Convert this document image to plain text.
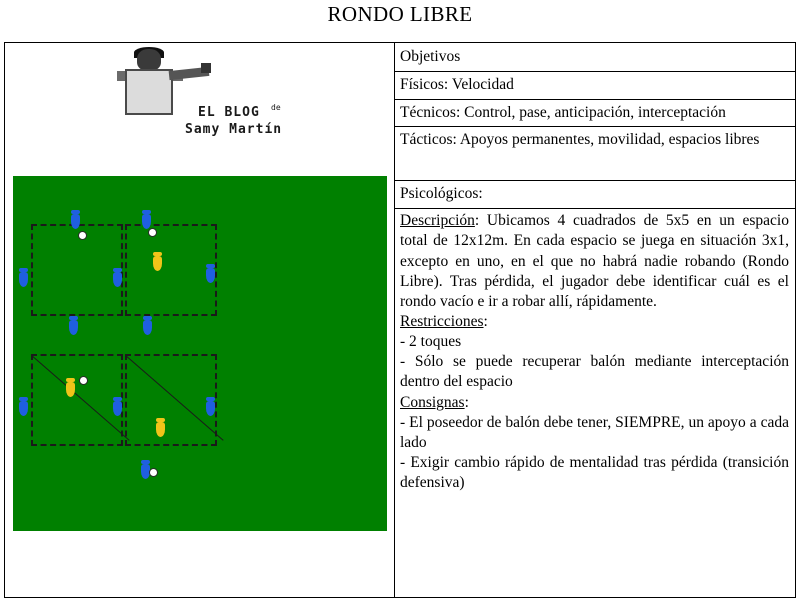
RONDO LIBRE
EL BLOG de
Samy Martín
Objetivos
Físicos: Velocidad
Técnicos: Control, pase, anticipación, interceptación
Tácticos: Apoyos permanentes, movilidad, espacios libres
Psicológicos:

Descripción: Ubicamos 4 cuadrados de 5x5 en un espacio total de 12x12m. En cada espacio se juega en situación 3x1, excepto en uno, en el que no habrá nadie robando (Rondo Libre). Tras pérdida, el jugador debe identificar cuál es el rondo vacío e ir a robar allí, rápidamente.

Restricciones:

- 2 toques

- Sólo se puede recuperar balón mediante interceptación dentro del espacio

Consignas:

- El poseedor de balón debe tener, SIEMPRE, un apoyo a cada lado

- Exigir cambio rápido de mentalidad tras pérdida (transición defensiva)
